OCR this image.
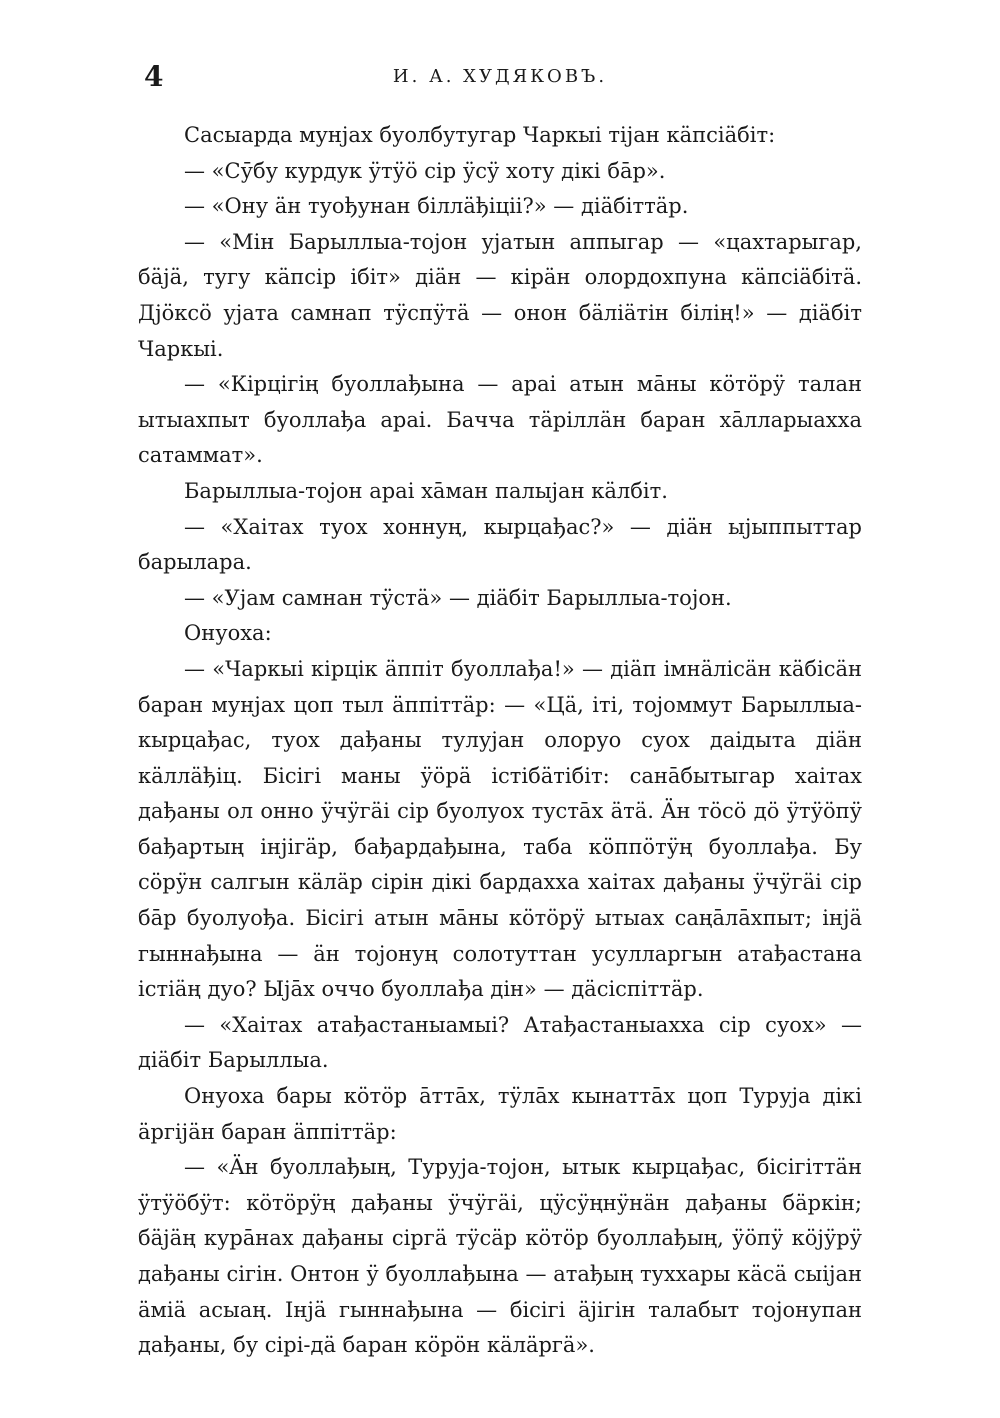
4	И. А. ХУДЯКОВЪ.

Сасыарда мунјах буолбутугар Чаркыі тіјан кäпсiäбiт:

— «Сӯбу курдук ӱтӱö сiр ӱсӱ хоту дiкі бāр».

— «Ону äн туођунан бiллäђiцiі?» — дiäбiттäр.

— «Мiн Барыллыа-тојон ујатын аппыгар — «цахтарыгар, бäјä, тугу кäпсiр iбiт» дiäн — кiрäн олордохпуна кäпсiäбiтä. Дјöксö ујата самнап тӱспӱтä — онон бäлiäтiн бiлiң!» — дiäбiт Чаркыі.

— «Кiрцiгiң буоллађына — араі атын мāны кöтöрӱ талан ытыахпыт буоллађа араі. Бачча тäрiллäн баран хāлларыахха сатаммат».

Барыллыа-тојон араі хāман палыјан кäлбiт.

— «Хаітах туох хоннуң, кырцађас?» — дiäн ыјыппыттар барылара.

— «Ујам самнан тӱстä» — дiäбiт Барыллыа-тојон.

Онуоха:

— «Чаркыі кiрцiк äппiт буоллађа!» — дiäп iмнäлiсäн кäбiсäн баран мунјах цоп тыл äппiттäр: — «Цä, iтi, тојоммут Барыллыа-кырцађас, туох дађаны тулујан олоруо суох даідыта дiäн кäллäђiц. Бiсiгi маны ӱöрä iстiбäтiбiт: санāбытыгар хаітах дађаны ол онно ӱчӱгäі сiр буолуох тустāх äтä. Äн тöсö дö ӱтӱöпӱ бађартың iнjiгäр, бађардађына, таба кöппöтӱң буоллађа. Бу сöрӱн салгын кäлäр сiрiн дiкі бардахха хаітах дађаны ӱчӱгäі сiр бāр буолуођа. Бiсiгi атын мāны кöтöрӱ ытыах саңāлāхпыт; iнjä гыннађына — äн тојонуң солотуттан усулларгын атађастана iстiäң дуо? Ыјāх оччо буоллађа дiн» — дäсiспiттäр.

— «Хаітах атађастаныамыі? Атађастаныахха сiр суох» — дiäбiт Барыллыа.

Онуоха бары кöтöр āттāх, тӱлāх кынаттāх цоп Туруја дiкі äргiјäн баран äппiттäр:

— «Äн буоллађың, Туруја-тојон, ытык кырцађас, бiсiгiттäн ӱтӱöбӱт: кöтöрӱң дађаны ӱчӱгäі, цӱсӱңнӱнäн дађаны бäркiн; бäјäң курāнах дађаны сiргä тӱсäр кöтöр буоллађың, ӱöпӱ кöјӱрӱ дађаны сiгiн. Онтон ӱ буоллађына — атађың туххары кäсä сыіјан äмiä асыаң. Iнjä гыннађына — бiсiгi äјiгiн талабыт тојонупан дађаны, бу сiрi-дä баран кöрöн кäлäргä».
